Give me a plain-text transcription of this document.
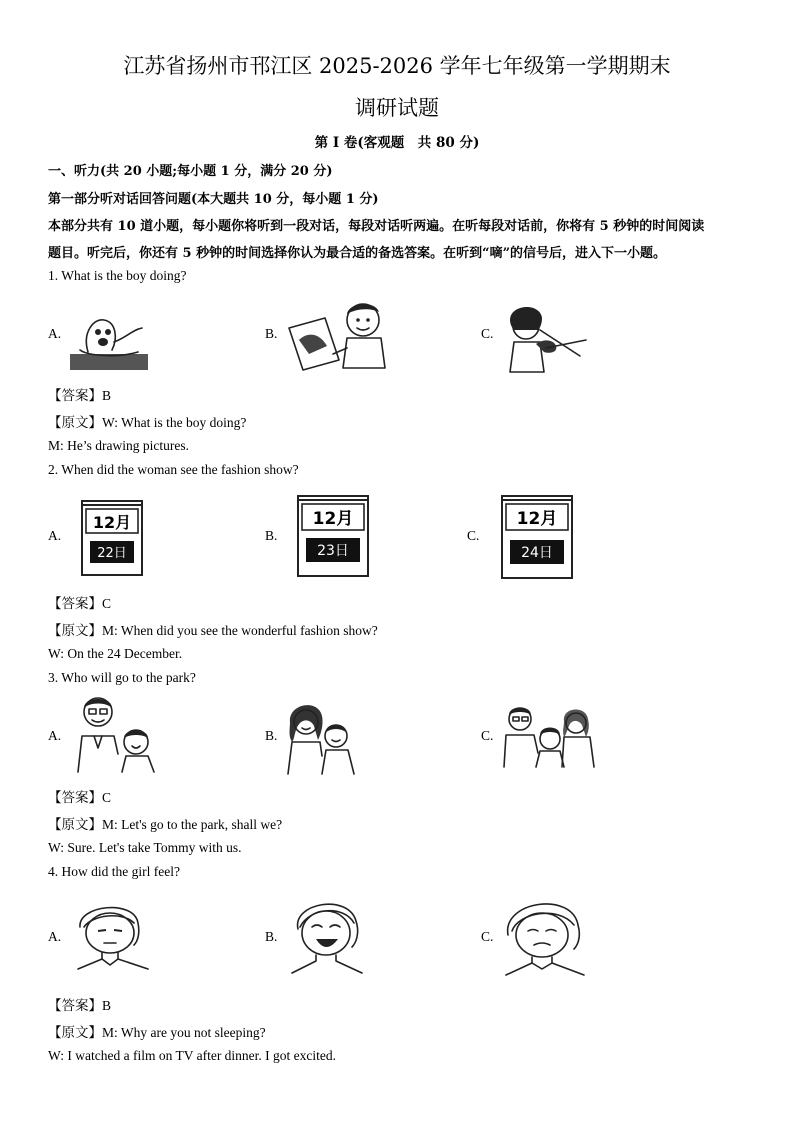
江苏省扬州市邗江区 2025-2026 学年七年级第一学期期末
调研试题
第 I 卷(客观题　共 80 分)
一、听力(共 20 小题;每小题 1 分，满分 20 分)
第一部分听对话回答问题(本大题共 10 分，每小题 1 分)
本部分共有 10 道小题，每小题你将听到一段对话，每段对话听两遍。在听每段对话前，你将有 5 秒钟的时间阅读
题目。听完后，你还有 5 秒钟的时间选择你认为最合适的备选答案。在听到“嘀”的信号后，进入下一小题。
1. What is the boy doing?
A.	B.	C.
【答案】B
【原文】W: What is the boy doing?
M: He’s drawing pictures.
2. When did the woman see the fashion show?
A.
12月
22日
B.
12月
23日
C.
12月
24日
【答案】C
【原文】M: When did you see the wonderful fashion show?
W: On the 24 December.
3. Who will go to the park?
A.	B.	C.
【答案】C
【原文】M: Let's go to the park, shall we?
W: Sure. Let's take Tommy with us.
4. How did the girl feel?
A.	B.	C.
【答案】B
【原文】M: Why are you not sleeping?
W: I watched a film on TV after dinner. I got excited.
